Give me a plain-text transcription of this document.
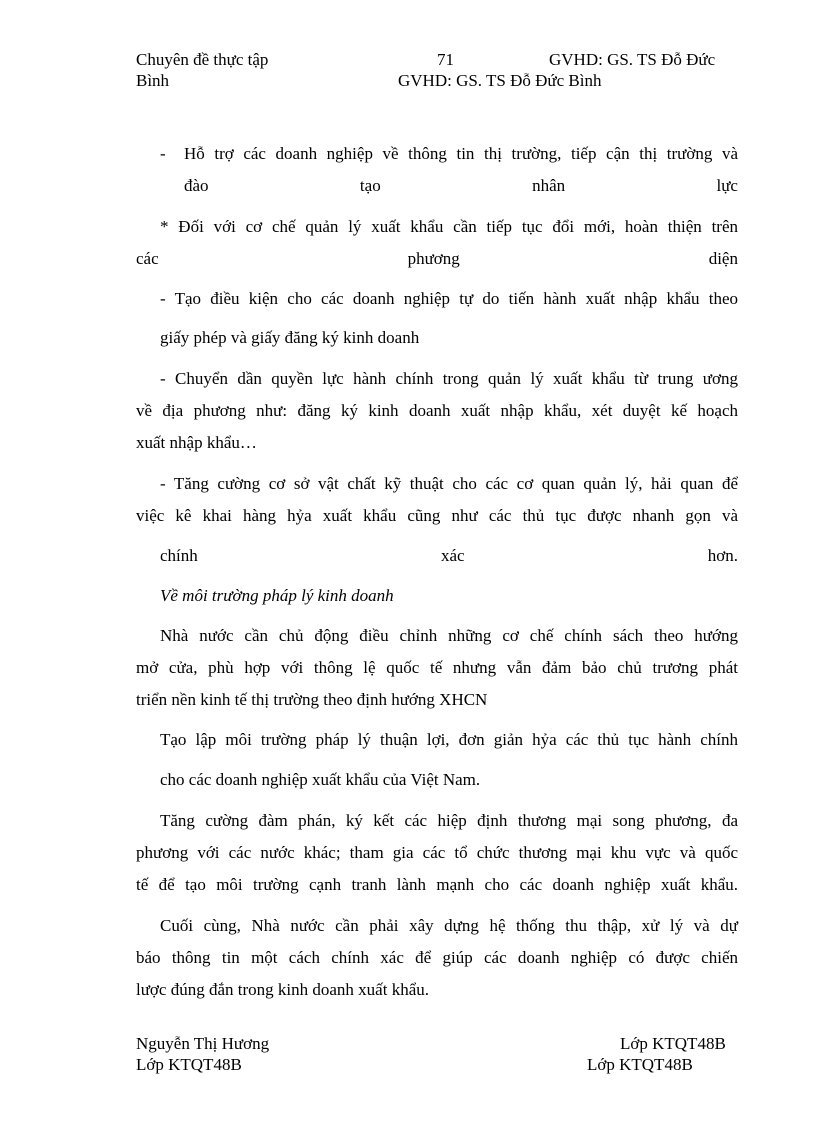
Chuyên đề thực tập	71	GVHD: GS. TS Đỗ Đức
Bình	GVHD: GS. TS Đỗ Đức Bình
- Hỗ trợ các doanh nghiệp về thông tin thị trường, tiếp cận thị trường và
đào	tạo	nhân	lực
* Đối với cơ chế quản lý xuất khẩu cần tiếp tục đổi mới, hoàn thiện trên
các	phương	diện
- Tạo điều kiện cho các doanh nghiệp tự do tiến hành xuất nhập khẩu theo
giấy phép và giấy đăng ký kinh doanh
- Chuyển dần quyền lực hành chính trong quản lý xuất khẩu từ trung ương
về địa phương như: đăng ký kinh doanh xuất nhập khẩu, xét duyệt kế hoạch
xuất nhập khẩu…
- Tăng cường cơ sở vật chất kỹ thuật cho các cơ quan quản lý, hải quan để
việc kê khai hàng hỷa xuất khẩu cũng như các thủ tục được nhanh gọn và
chính	xác	hơn.
Về môi trường pháp lý kinh doanh
Nhà nước cần chủ động điều chỉnh những cơ chế chính sách theo hướng
mở cửa, phù hợp với thông lệ quốc tế nhưng vẫn đảm bảo chủ trương phát
triển nền kinh tế thị trường theo định hướng XHCN
Tạo lập môi trường pháp lý thuận lợi, đơn giản hỷa các thủ tục hành chính
cho các doanh nghiệp xuất khẩu của Việt Nam.
Tăng cường đàm phán, ký kết các hiệp định thương mại song phương, đa
phương với các nước khác; tham gia các tổ chức thương mại khu vực và quốc
tế để tạo môi trường cạnh tranh lành mạnh cho các doanh nghiệp xuất khẩu.
Cuối cùng, Nhà nước cần phải xây dựng hệ thống thu thập, xử lý và dự
báo thông tin một cách chính xác để giúp các doanh nghiệp có được chiến
lược đúng đắn trong kinh doanh xuất khẩu.
Nguyễn Thị Hương	Lớp KTQT48B
Lớp KTQT48B	Lớp KTQT48B
